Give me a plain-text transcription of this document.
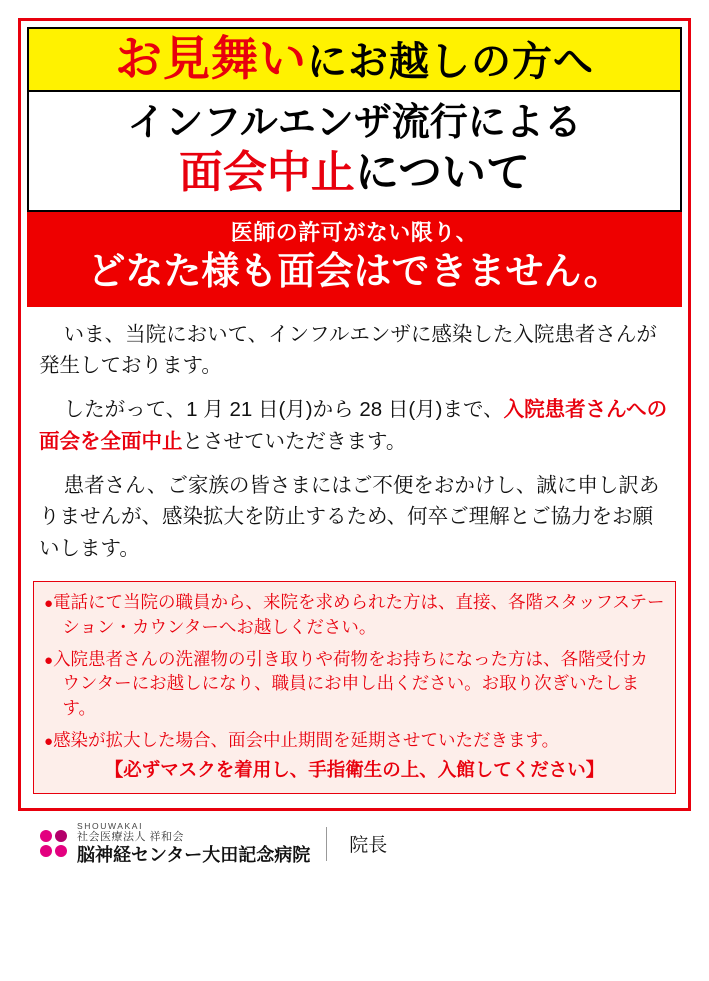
お見舞いにお越しの方へ
インフルエンザ流行による
面会中止について
医師の許可がない限り、
どなた様も面会はできません。

いま、当院において、インフルエンザに感染した入院患者さんが発生しております。

したがって、1 月 21 日(月)から 28 日(月)まで、入院患者さんへの面会を全面中止とさせていただきます。

患者さん、ご家族の皆さまにはご不便をおかけし、誠に申し訳ありませんが、感染拡大を防止するため、何卒ご理解とご協力をお願いします。

●電話にて当院の職員から、来院を求められた方は、直接、各階スタッフステーション・カウンターへお越しください。

●入院患者さんの洗濯物の引き取りや荷物をお持ちになった方は、各階受付カウンターにお越しになり、職員にお申し出ください。お取り次ぎいたします。

●感染が拡大した場合、面会中止期間を延期させていただきます。

【必ずマスクを着用し、手指衛生の上、入館してください】
SHOUWAKAI
社会医療法人 祥和会
脳神経センター大田記念病院 院長
